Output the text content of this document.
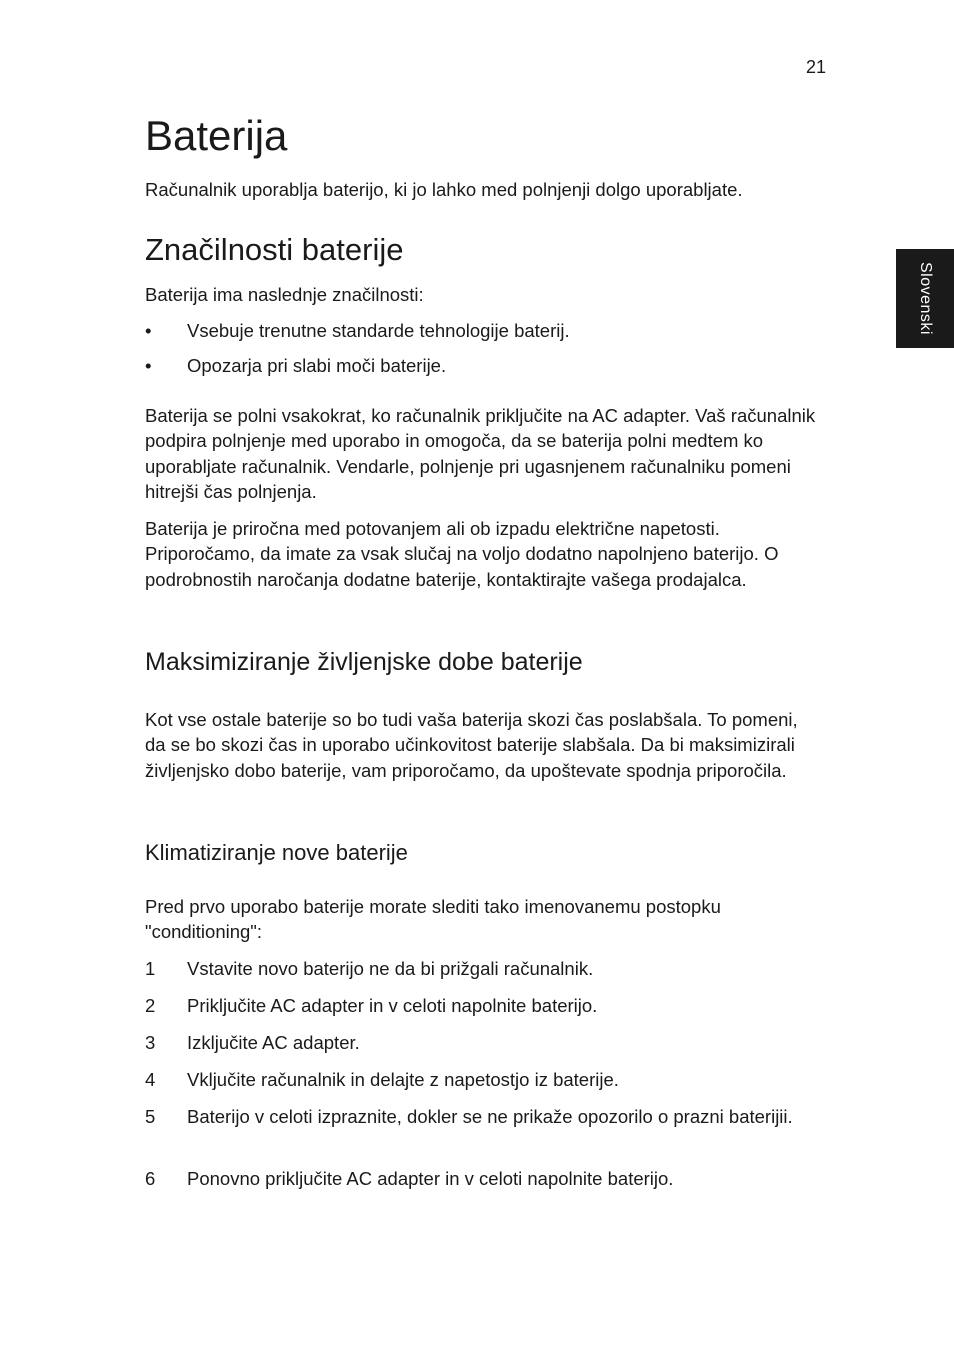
21
Slovenski
Baterija

Računalnik uporablja baterijo, ki jo lahko med polnjenji dolgo uporabljate.

Značilnosti baterije

Baterija ima naslednje značilnosti:

•	Vsebuje trenutne standarde tehnologije baterij.
•	Opozarja pri slabi moči baterije.

Baterija se polni vsakokrat, ko računalnik priključite na AC adapter. Vaš računalnik podpira polnjenje med uporabo in omogoča, da se baterija polni medtem ko uporabljate računalnik. Vendarle, polnjenje pri ugasnjenem računalniku pomeni hitrejši čas polnjenja.

Baterija je priročna med potovanjem ali ob izpadu električne napetosti. Priporočamo, da imate za vsak slučaj na voljo dodatno napolnjeno baterijo. O podrobnostih naročanja dodatne baterije, kontaktirajte vašega prodajalca.

Maksimiziranje življenjske dobe baterije

Kot vse ostale baterije so bo tudi vaša baterija skozi čas poslabšala. To pomeni, da se bo skozi čas in uporabo učinkovitost baterije slabšala. Da bi maksimizirali življenjsko dobo baterije, vam priporočamo, da upoštevate spodnja priporočila.

Klimatiziranje nove baterije

Pred prvo uporabo baterije morate slediti tako imenovanemu postopku "conditioning":

1	Vstavite novo baterijo ne da bi prižgali računalnik.
2	Priključite AC adapter in v celoti napolnite baterijo.
3	Izključite AC adapter.
4	Vključite računalnik in delajte z napetostjo iz baterije.
5	Baterijo v celoti izpraznite, dokler se ne prikaže opozorilo o prazni baterijii.
6	Ponovno priključite AC adapter in v celoti napolnite baterijo.
